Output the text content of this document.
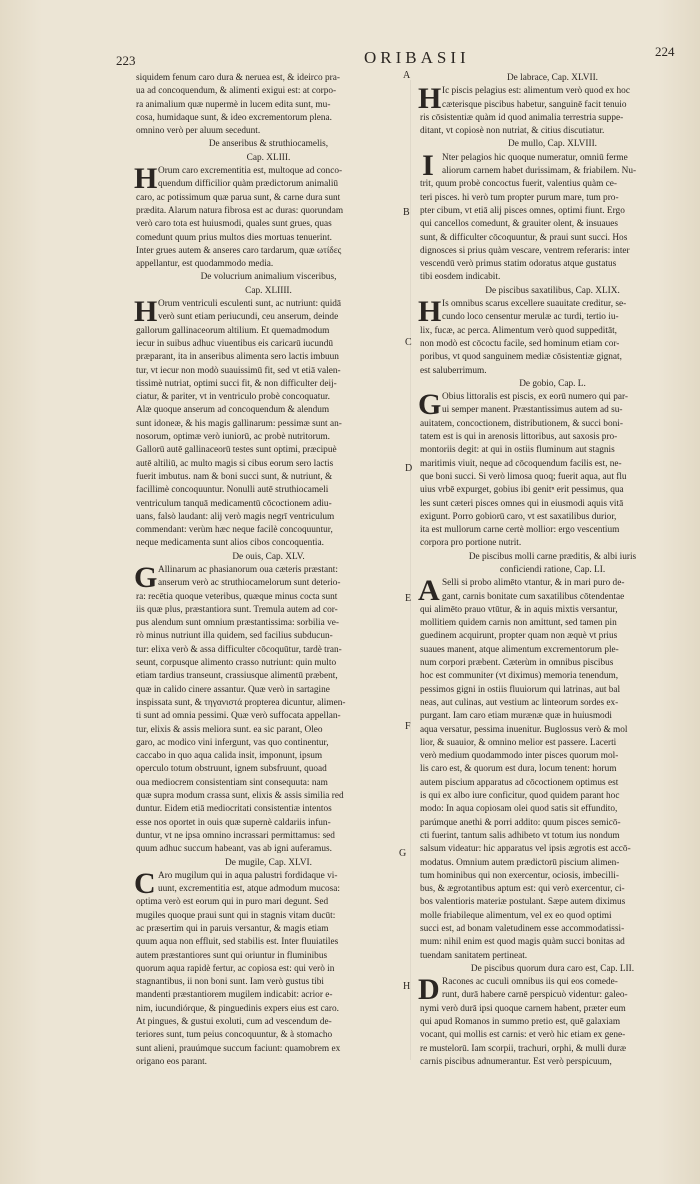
223	ORIBASII	224
siquidem fenum caro dura & neruea est, & ideirco pra-
ua ad concoquendum, & alimenti exigui est: at corpo-
ra animalium quæ nupermè in lucem edita sunt, mu-
cosa, humidaque sunt, & ideo excrementorum plena.
omnino verò per aluum secedunt.
De anseribus & struthiocamelis,
Cap. XLIII.
H Orum caro excrementitia est, multoque ad conco-
quendum difficilior quàm prædictorum animaliū
caro, ac potissimum quæ parua sunt, & carne dura sunt
prædita. Alarum natura fibrosa est ac duras: quorundam
verò caro tota est huiusmodi, quales sunt grues, quas
comedunt quum prius multos dies mortuas tenuerint.
Inter grues autem & anseres caro tardarum, quæ ωτίδες
appellantur, est quodammodo media.
De volucrium animalium visceribus,
Cap. XLIIII.
H Orum ventriculi esculenti sunt, ac nutriunt: quidā
verò sunt etiam periucundi, ceu anserum, deinde
gallorum gallinaceorum altilium. Et quemadmodum
iecur in suibus adhuc viuentibus eis caricarū iucundū
præparant, ita in anseribus alimenta sero lactis imbuun
tur, vt iecur non modò suauissimū fit, sed vt etiā valen-
tissimè nutriat, optimi succi fit, & non difficulter deij-
ciatur, & pariter, vt in ventriculo probè concoquatur.
Alæ quoque anserum ad concoquendum & alendum
sunt idoneæ, & his magis gallinarum: pessimæ sunt an-
nosorum, optimæ verò iuniorū, ac probè nutritorum.
Gallorū autē gallinaceorū testes sunt optimi, præcipuè
autē altiliū, ac multo magis si cibus eorum sero lactis
fuerit imbutus. nam & boni succi sunt, & nutriunt, &
facillimè concoquuntur. Nonulli autē struthiocameli
ventriculum tanquā medicamentū cōcoctionem adiu-
uans, falsò laudant: alij verò magis negrī ventriculum
commendant: verùm hæc neque facilè concoquuntur,
neque medicamenta sunt alios cibos concoquentia.
De ouis, Cap. XLV.
G Allinarum ac phasianorum oua cæteris præstant:
anserum verò ac struthiocamelorum sunt deterio-
ra: recētia quoque veteribus, quæque minus cocta sunt
iis quæ plus, præstantiora sunt. Tremula autem ad cor-
pus alendum sunt omnium præstantissima: sorbilia ve-
rò minus nutriunt illa quidem, sed facilius subducun-
tur: elixa verò & assa difficulter cōcoquūtur, tardè tran-
seunt, corpusque alimento crasso nutriunt: quin multo
etiam tardius transeunt, crassiusque alimentū præbent,
quæ in calido cinere assantur. Quæ verò in sartagine
inspissata sunt, & τηγανιστά propterea dicuntur, alimen-
ti sunt ad omnia pessimi. Quæ verò suffocata appellan-
tur, elixis & assis meliora sunt. ea sic parant, Oleo
garo, ac modico vini infergunt, vas quo continentur,
caccabo in quo aqua calida insit, imponunt, ipsum
operculo totum obstruunt, ignem subsfruunt, quoad
oua mediocrem consistentiam sint consequuta: nam
quæ supra modum crassa sunt, elixis & assis similia red
duntur. Eidem etiā mediocritati consistentiæ intentos
esse nos oportet in ouis quæ supernè caldariis infun-
duntur, vt ne ipsa omnino incrassari permittamus: sed
quum adhuc succum habeant, vas ab igni auferamus.
De mugile, Cap. XLVI.
C Aro mugilum qui in aqua palustri fordidaque vi-
uunt, excrementitia est, atque admodum mucosa:
optima verò est eorum qui in puro mari degunt. Sed
mugiles quoque praui sunt qui in stagnis vitam ducūt:
ac præsertim qui in paruis versantur, & magis etiam
quum aqua non effluit, sed stabilis est. Inter fluuiatiles
autem præstantiores sunt qui oriuntur in fluminibus
quorum aqua rapidè fertur, ac copiosa est: qui verò in
stagnantibus, ii non boni sunt. Iam verò gustus tibi
mandenti præstantiorem mugilem indicabit: acrior e-
nim, iucundiórque, & pinguedinis expers eius est caro.
At pingues, & gustui exoluti, cum ad vescendum de-
teriores sunt, tum peius concoquuntur, & à stomacho
sunt alieni, prauúmque succum faciunt: quamobrem ex
origano eos parant.
De labrace, Cap. XLVII.
H Ic piscis pelagius est: alimentum verò quod ex hoc
cæterisque piscibus habetur, sanguinē facit tenuio
ris cōsistentiæ quàm id quod animalia terrestria suppe-
ditant, vt copiosè non nutriat, & citius discutiatur.
De mullo, Cap. XLVIII.
I Nter pelagios hic quoque numeratur, omniū ferme
aliorum carnem habet durissimam, & friabilem. Nu-
trit, quum probè concoctus fuerit, valentius quàm ce-
teri pisces. hi verò tum propter purum mare, tum pro-
pter cibum, vt etiā alij pisces omnes, optimi fiunt. Ergo
qui cancellos comedunt, & grauiter olent, & insuaues
sunt, & difficulter cōcoquuntur, & praui sunt succi. Hos
dignosces si prius quàm vescare, ventrem referaris: inter
vescendū verò primus statim odoratus atque gustatus
tibi eosdem indicabit.
De piscibus saxatilibus, Cap. XLIX.
H Is omnibus scarus excellere suauitate creditur, se-
cundo loco censentur merulæ ac turdi, tertio iu-
lix, fucæ, ac perca. Alimentum verò quod suppeditāt,
non modò est cōcoctu facile, sed hominum etiam cor-
poribus, vt quod sanguinem mediæ cōsistentiæ gignat,
est saluberrimum.
De gobio, Cap. L.
G Obius littoralis est piscis, ex eorū numero qui par-
ui semper manent. Præstantissimus autem ad su-
auitatem, concoctionem, distributionem, & succi boni-
tatem est is qui in arenosis littoribus, aut saxosis pro-
montoriis degit: at qui in ostiis fluminum aut stagnis
maritimis viuit, neque ad cōcoquendum facilis est, ne-
que boni succi. Si verò limosa quoq; fuerit aqua, aut flu
uius vrbē expurget, gobius ibi genitⁿ erit pessimus, qua
les sunt cæteri pisces omnes qui in eiusmodi aquis vitā
exigunt. Porro gobiorū caro, vt est saxatilibus durior,
ita est mullorum carne certè mollior: ergo vescentium
corpora pro portione nutrit.
De piscibus molli carne præditis, & albi iuris
conficiendi ratione, Cap. LI.
A Selli si probo alimēto vtantur, & in mari puro de-
gant, carnis bonitate cum saxatilibus cōtendentae
qui alimēto prauo vtūtur, & in aquis mixtis versantur,
mollitiem quidem carnis non amittunt, sed tamen pin
guedinem acquirunt, propter quam non æquè vt prius
suaues manent, atque alimentum excrementorum ple-
num corpori præbent. Cæterùm in omnibus piscibus
hoc est communiter (vt diximus) memoria tenendum,
pessimos gigni in ostiis fluuiorum qui latrinas, aut bal
neas, aut culinas, aut vestium ac linteorum sordes ex-
purgant. Iam caro etiam murænæ quæ in huiusmodi
aqua versatur, pessima inuenitur. Buglossus verò & mol
lior, & suauior, & omnino melior est passere. Lacerti
verò medium quodammodo inter pisces quorum mol-
lis caro est, & quorum est dura, locum tenent: horum
autem piscium apparatus ad cōcoctionem optimus est
is qui ex albo iure conficitur, quod quidem parant hoc
modo: In aqua copiosam olei quod satis sit effundito,
parúmque anethi & porri addito: quum pisces semicō-
cti fuerint, tantum salis adhibeto vt totum ius nondum
salsum videatur: hic apparatus vel ipsis ægrotis est accō-
modatus. Omnium autem prædictorū piscium alimen-
tum hominibus qui non exercentur, ociosis, imbecilli-
bus, & ægrotantibus aptum est: qui verò exercentur, ci-
bos valentioris materiæ postulant. Sæpe autem diximus
molle friabileque alimentum, vel ex eo quod optimi
succi est, ad bonam valetudinem esse accommodatissi-
mum: nihil enim est quod magis quàm succi bonitas ad
tuendam sanitatem pertineat.
De piscibus quorum dura caro est, Cap. LII.
D Racones ac cuculi omnibus iis qui eos comede-
runt, durā habere carnē perspicuò videntur: galeo-
nymi verò durā ipsi quoque carnem habent, præter eum
qui apud Romanos in summo pretio est, quē galaxiam
vocant, qui mollis est carnis: et verò hic etiam ex gene-
re mustelorū. Iam scorpii, trachuri, orphi, & mulli duræ
carnis piscibus adnumerantur. Est verò perspicuum,
A
B
C
D
E
F
G
H
